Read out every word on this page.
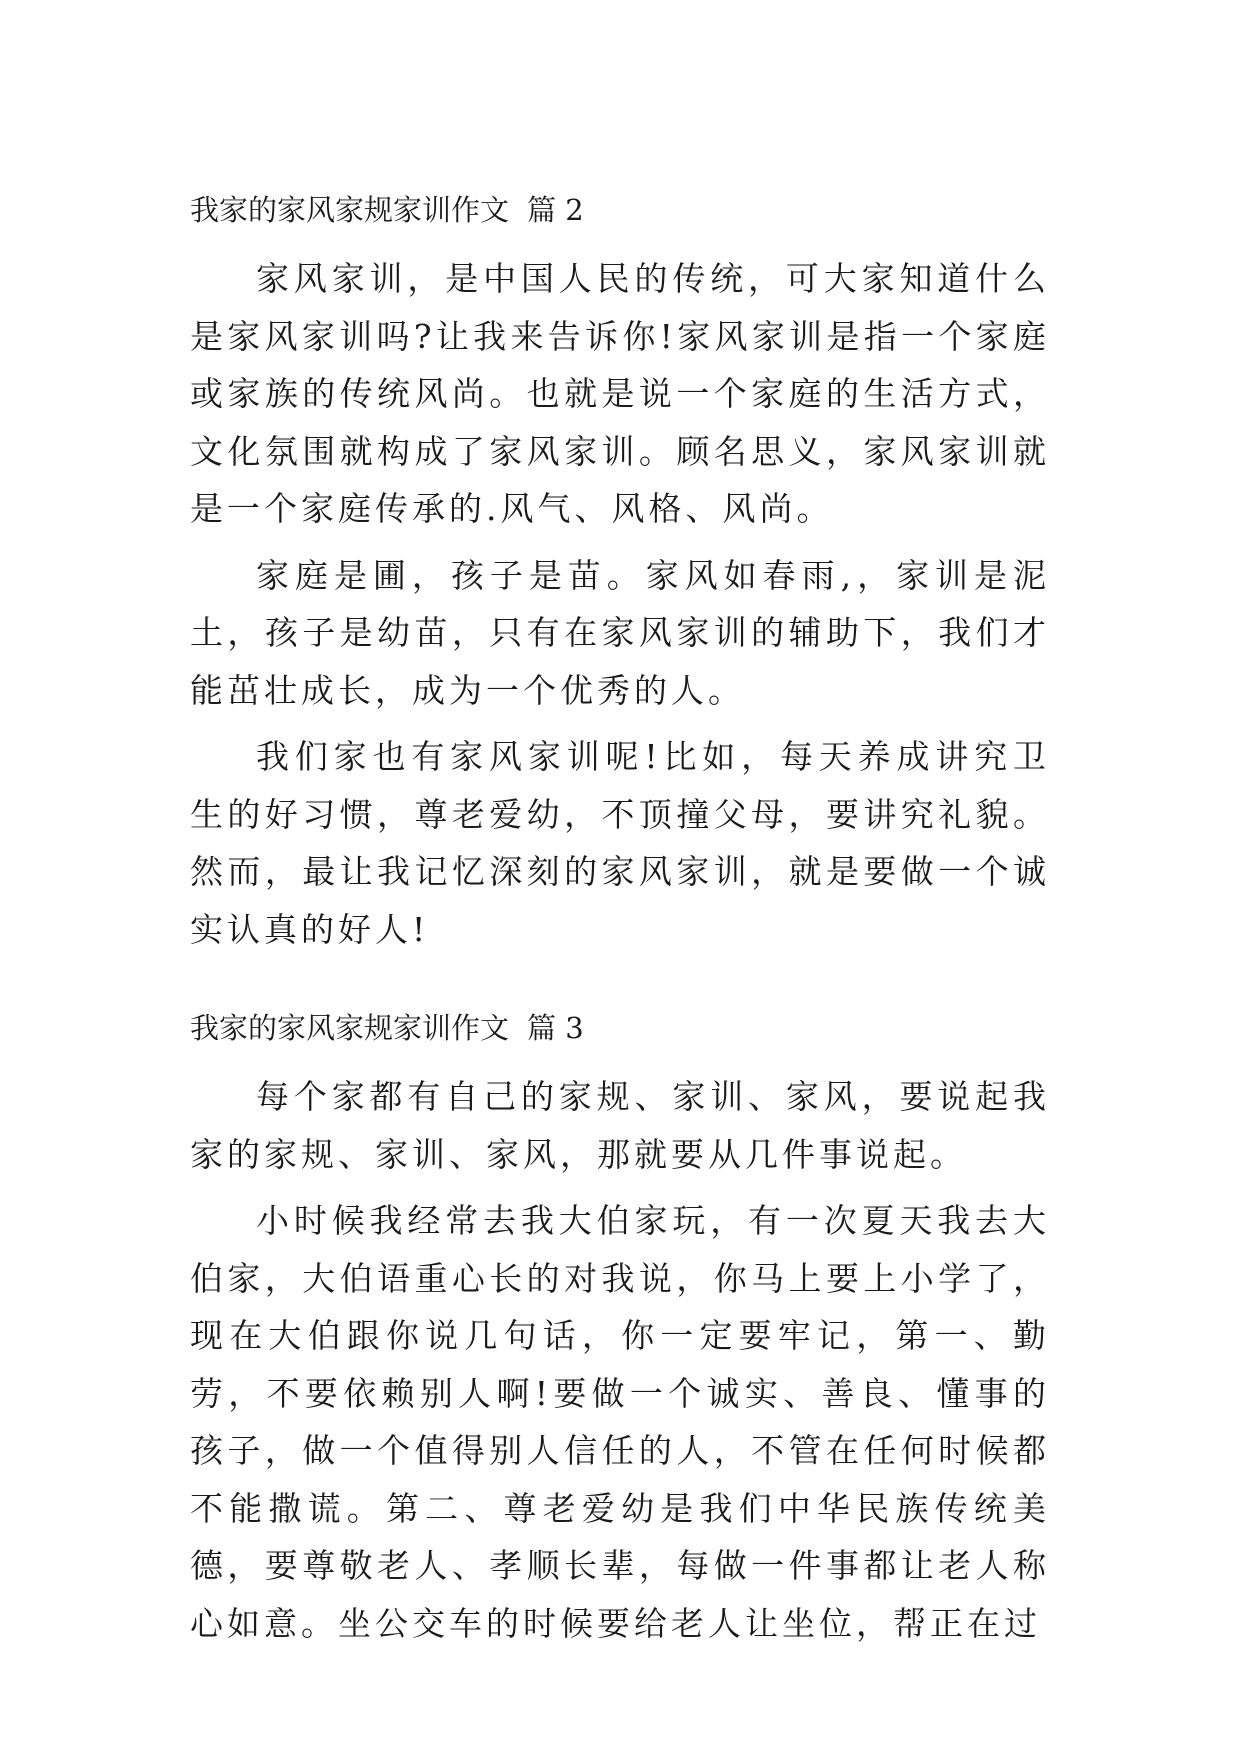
我家的家风家规家训作文 篇 2

家风家训，是中国人民的传统，可大家知道什么是家风家训吗?让我来告诉你!家风家训是指一个家庭或家族的传统风尚。也就是说一个家庭的生活方式，文化氛围就构成了家风家训。顾名思义，家风家训就是一个家庭传承的.风气、风格、风尚。

家庭是圃，孩子是苗。家风如春雨,，家训是泥土，孩子是幼苗，只有在家风家训的辅助下，我们才能茁壮成长，成为一个优秀的人。

我们家也有家风家训呢!比如，每天养成讲究卫生的好习惯，尊老爱幼，不顶撞父母，要讲究礼貌。然而，最让我记忆深刻的家风家训，就是要做一个诚实认真的好人!

我家的家风家规家训作文 篇 3

每个家都有自己的家规、家训、家风，要说起我家的家规、家训、家风，那就要从几件事说起。

小时候我经常去我大伯家玩，有一次夏天我去大伯家，大伯语重心长的对我说，你马上要上小学了，现在大伯跟你说几句话，你一定要牢记，第一、勤劳，不要依赖别人啊!要做一个诚实、善良、懂事的孩子，做一个值得别人信任的人，不管在任何时候都不能撒谎。第二、尊老爱幼是我们中华民族传统美德，要尊敬老人、孝顺长辈，每做一件事都让老人称心如意。坐公交车的时候要给老人让坐位，帮正在过
